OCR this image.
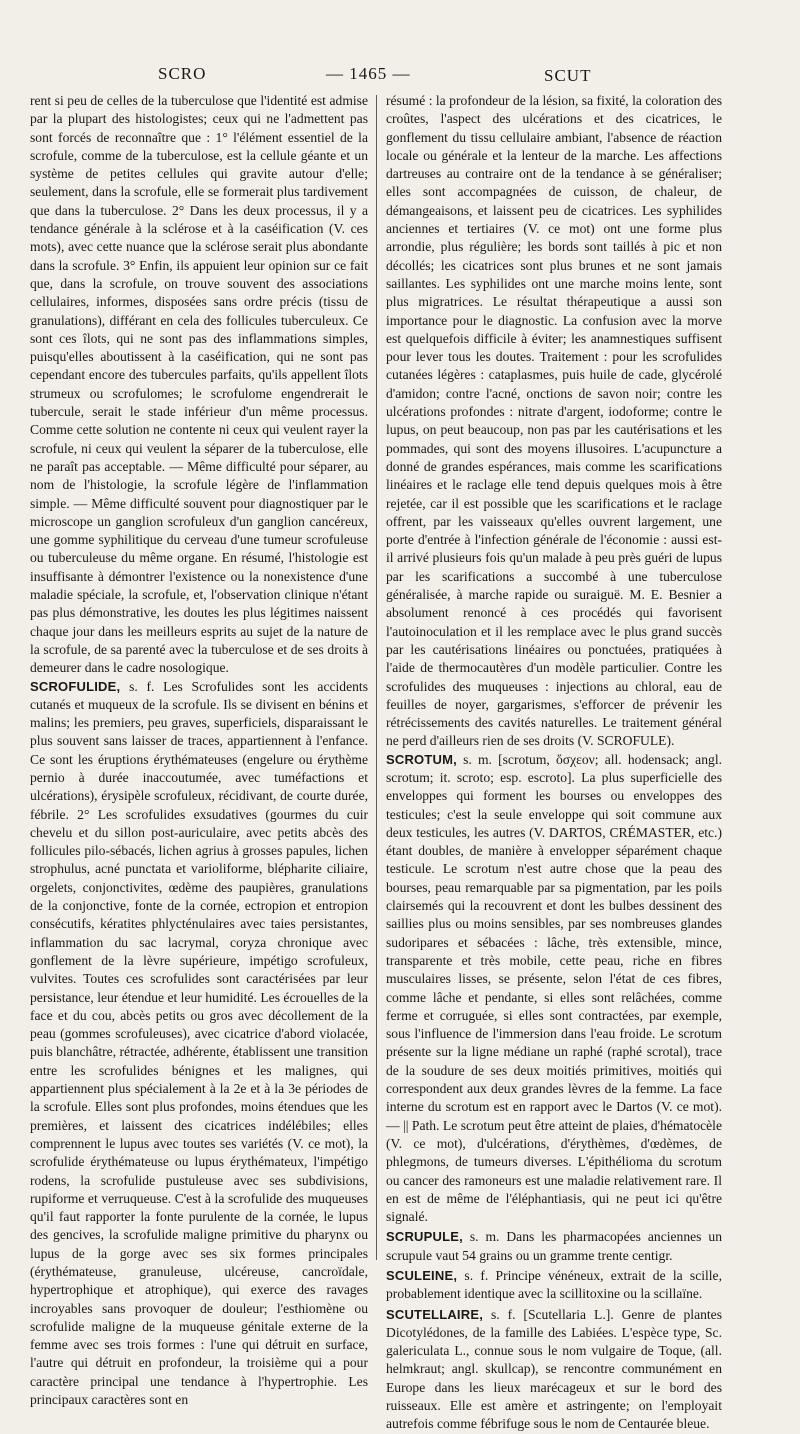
SCRO	— 1465 —	SCUT

rent si peu de celles de la tuberculose que l'identité est admise par la plupart des histologistes; ceux qui ne l'admettent pas sont forcés de reconnaître que : 1° l'élément essentiel de la scrofule, comme de la tuberculose, est la cellule géante et un système de petites cellules qui gravite autour d'elle; seulement, dans la scrofule, elle se formerait plus tardivement que dans la tuberculose. 2° Dans les deux processus, il y a tendance générale à la sclérose et à la caséification (V. ces mots), avec cette nuance que la sclérose serait plus abondante dans la scrofule. 3° Enfin, ils appuient leur opinion sur ce fait que, dans la scrofule, on trouve souvent des associations cellulaires, informes, disposées sans ordre précis (tissu de granulations), différant en cela des follicules tuberculeux. Ce sont ces îlots, qui ne sont pas des inflammations simples, puisqu'elles aboutissent à la caséification, qui ne sont pas cependant encore des tubercules parfaits, qu'ils appellent îlots strumeux ou scrofulomes; le scrofulome engendrerait le tubercule, serait le stade inférieur d'un même processus. Comme cette solution ne contente ni ceux qui veulent rayer la scrofule, ni ceux qui veulent la séparer de la tuberculose, elle ne paraît pas acceptable. — Même difficulté pour séparer, au nom de l'histologie, la scrofule légère de l'inflammation simple. — Même difficulté souvent pour diagnostiquer par le microscope un ganglion scrofuleux d'un ganglion cancéreux, une gomme syphilitique du cerveau d'une tumeur scrofuleuse ou tuberculeuse du même organe. En résumé, l'histologie est insuffisante à démontrer l'existence ou la nonexistence d'une maladie spéciale, la scrofule, et, l'observation clinique n'étant pas plus démonstrative, les doutes les plus légitimes naissent chaque jour dans les meilleurs esprits au sujet de la nature de la scrofule, de sa parenté avec la tuberculose et de ses droits à demeurer dans le cadre nosologique.

SCROFULIDE, s. f. Les Scrofulides sont les accidents cutanés et muqueux de la scrofule. Ils se divisent en bénins et malins; les premiers, peu graves, superficiels, disparaissant le plus souvent sans laisser de traces, appartiennent à l'enfance. Ce sont les éruptions érythémateuses (engelure ou érythème pernio à durée inaccoutumée, avec tuméfactions et ulcérations), érysipèle scrofuleux, récidivant, de courte durée, fébrile. 2° Les scrofulides exsudatives (gourmes du cuir chevelu et du sillon post-auriculaire, avec petits abcès des follicules pilo-sébacés, lichen agrius à grosses papules, lichen strophulus, acné punctata et varioliforme, blépharite ciliaire, orgelets, conjonctivites, œdème des paupières, granulations de la conjonctive, fonte de la cornée, ectropion et entropion consécutifs, kératites phlycténulaires avec taies persistantes, inflammation du sac lacrymal, coryza chronique avec gonflement de la lèvre supérieure, impétigo scrofuleux, vulvites. Toutes ces scrofulides sont caractérisées par leur persistance, leur étendue et leur humidité. Les écrouelles de la face et du cou, abcès petits ou gros avec décollement de la peau (gommes scrofuleuses), avec cicatrice d'abord violacée, puis blanchâtre, rétractée, adhérente, établissent une transition entre les scrofulides bénignes et les malignes, qui appartiennent plus spécialement à la 2e et à la 3e périodes de la scrofule. Elles sont plus profondes, moins étendues que les premières, et laissent des cicatrices indélébiles; elles comprennent le lupus avec toutes ses variétés (V. ce mot), la scrofulide érythémateuse ou lupus érythémateux, l'impétigo rodens, la scrofulide pustuleuse avec ses subdivisions, rupiforme et verruqueuse. C'est à la scrofulide des muqueuses qu'il faut rapporter la fonte purulente de la cornée, le lupus des gencives, la scrofulide maligne primitive du pharynx ou lupus de la gorge avec ses six formes principales (érythémateuse, granuleuse, ulcéreuse, cancroïdale, hypertrophique et atrophique), qui exerce des ravages incroyables sans provoquer de douleur; l'esthiomène ou scrofulide maligne de la muqueuse génitale externe de la femme avec ses trois formes : l'une qui détruit en surface, l'autre qui détruit en profondeur, la troisième qui a pour caractère principal une tendance à l'hypertrophie. Les principaux caractères sont en

résumé : la profondeur de la lésion, sa fixité, la coloration des croûtes, l'aspect des ulcérations et des cicatrices, le gonflement du tissu cellulaire ambiant, l'absence de réaction locale ou générale et la lenteur de la marche. Les affections dartreuses au contraire ont de la tendance à se généraliser; elles sont accompagnées de cuisson, de chaleur, de démangeaisons, et laissent peu de cicatrices. Les syphilides anciennes et tertiaires (V. ce mot) ont une forme plus arrondie, plus régulière; les bords sont taillés à pic et non décollés; les cicatrices sont plus brunes et ne sont jamais saillantes. Les syphilides ont une marche moins lente, sont plus migratrices. Le résultat thérapeutique a aussi son importance pour le diagnostic. La confusion avec la morve est quelquefois difficile à éviter; les anamnestiques suffisent pour lever tous les doutes. Traitement : pour les scrofulides cutanées légères : cataplasmes, puis huile de cade, glycérolé d'amidon; contre l'acné, onctions de savon noir; contre les ulcérations profondes : nitrate d'argent, iodoforme; contre le lupus, on peut beaucoup, non pas par les cautérisations et les pommades, qui sont des moyens illusoires. L'acupuncture a donné de grandes espérances, mais comme les scarifications linéaires et le raclage elle tend depuis quelques mois à être rejetée, car il est possible que les scarifications et le raclage offrent, par les vaisseaux qu'elles ouvrent largement, une porte d'entrée à l'infection générale de l'économie : aussi est-il arrivé plusieurs fois qu'un malade à peu près guéri de lupus par les scarifications a succombé à une tuberculose généralisée, à marche rapide ou suraiguë. M. E. Besnier a absolument renoncé à ces procédés qui favorisent l'autoinoculation et il les remplace avec le plus grand succès par les cautérisations linéaires ou ponctuées, pratiquées à l'aide de thermocautères d'un modèle particulier. Contre les scrofulides des muqueuses : injections au chloral, eau de feuilles de noyer, gargarismes, s'efforcer de prévenir les rétrécissements des cavités naturelles. Le traitement général ne perd d'ailleurs rien de ses droits (V. SCROFULE).

SCROTUM, s. m. [scrotum, ὄσχεον; all. hodensack; angl. scrotum; it. scroto; esp. escroto]. La plus superficielle des enveloppes qui forment les bourses ou enveloppes des testicules; c'est la seule enveloppe qui soit commune aux deux testicules, les autres (V. DARTOS, CRÉMASTER, etc.) étant doubles, de manière à envelopper séparément chaque testicule. Le scrotum n'est autre chose que la peau des bourses, peau remarquable par sa pigmentation, par les poils clairsemés qui la recouvrent et dont les bulbes dessinent des saillies plus ou moins sensibles, par ses nombreuses glandes sudoripares et sébacées : lâche, très extensible, mince, transparente et très mobile, cette peau, riche en fibres musculaires lisses, se présente, selon l'état de ces fibres, comme lâche et pendante, si elles sont relâchées, comme ferme et corruguée, si elles sont contractées, par exemple, sous l'influence de l'immersion dans l'eau froide. Le scrotum présente sur la ligne médiane un raphé (raphé scrotal), trace de la soudure de ses deux moitiés primitives, moitiés qui correspondent aux deux grandes lèvres de la femme. La face interne du scrotum est en rapport avec le Dartos (V. ce mot). — || Path. Le scrotum peut être atteint de plaies, d'hématocèle (V. ce mot), d'ulcérations, d'érythèmes, d'œdèmes, de phlegmons, de tumeurs diverses. L'épithélioma du scrotum ou cancer des ramoneurs est une maladie relativement rare. Il en est de même de l'éléphantiasis, qui ne peut ici qu'être signalé.

SCRUPULE, s. m. Dans les pharmacopées anciennes un scrupule vaut 54 grains ou un gramme trente centigr.

SCULEINE, s. f. Principe vénéneux, extrait de la scille, probablement identique avec la scillitoxine ou la scillaïne.

SCUTELLAIRE, s. f. [Scutellaria L.]. Genre de plantes Dicotylédones, de la famille des Labiées. L'espèce type, Sc. galericulata L., connue sous le nom vulgaire de Toque, (all. helmkraut; angl. skullcap), se rencontre communément en Europe dans les lieux marécageux et sur le bord des ruisseaux. Elle est amère et astringente; on l'employait autrefois comme fébrifuge sous le nom de Centaurée bleue.
